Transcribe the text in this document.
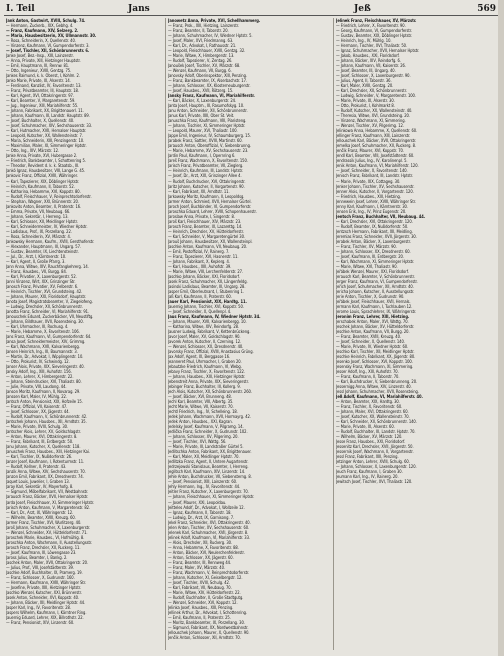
I. Teil	Jans	Jeß	569
Jank Anton, Gastwirt, XVIII, Schulg. 74.
— Hermann, Zuckerb., XIX, Gebhg. 4.
— Franz, Kaufmann, XIV, Selzerg. 2.
— Maria, Hausbesitzerin, XV, Ullmannstr. 30.
— Rosa, Schneiderin, X, Quellenstr. 40.
— Vinzenz, Kaufmann, VI, Gumpendorferstr. 3.
— Josef, Tischler, XII, Schönbrunnerstr. 6.
Janke Josef, Bez.-Insp., XIII, Lainzerstr.
— Anna, Private, XIII, Hietzinger Hauptstr.
— Emil, Hauptmann, III, Rennw. 81.
— Otto, Ingenieur, XVIII, Gentzg. 75.
Jankes Raimund, k. k. Oberst, I, Kohlm. 2.
Janko Marie, Private, IX, Alserstr. 14.
— Ferdinand, Kanzlist, IV, Favoritenstr. 13.
— Franz, Privatbeamter, III, Hauptstr. 18.
— Karl, Agent, XVI, Ottakringerstr. 97.
— Karl, Beamter, V, Margaretenstr. 59.
— Jug., Ingenieur, XIII, Mariahilferstr. 55.
— Johann, Fabrikant, XX, Brigittenauerl. 11.
— Johann, Kaufmann, III, Landstr. Hauptstr. 89.
— Josef, Buchhalter, X, Quellenstr. 40.
— Josef, Schuhmacher, XIV, Sechshauserstr. 33.
— Karl, Hutmacher, XVII, Hernalser Hauptstr.
— Leopold, Kutscher, XX, Wallensteinstr. 7.
— Maria, Schneiderin, XIII, Penzingerstr. 10.
— Maximilian, Maler, XI, Simmeringer Hptstr.
— Otto, Ing., XIV, Märzstr. 12.
Janke Anna, Private, XVI, Hubergasse 2.
— Friedrich, Bankbeamter, I, Schottenring 5.
— Theodor, Revident d. k. k. Staatsb., III.
Jankó Ignaz, Hausbesitzer, VIII, Lange G. 45.
Jankovic Franz, Offizial, XVIII, Währinger.
— Karl, Tapezierer, XIX, Döblinger Hptstr.
— Heinrich, Kaufmann, II, Taborstr. 52.
— Katharina, Hebamme, XVI, Koppstr. 80.
— Rudolf, Fleischhauer, V, Reinprechtsdorferstr.
— Stephan, Wagner, XXI, Brünnerstr. 20.
Jankovits Anton, Beamter, II, Praterstr. 16.
— Emma, Private, VII, Neubaug. 66.
— Johann, Sekretär, I, Herreng. 13.
— Karl, Schlosser, XII, Meidlinger Hptstr.
— Karl, Schneidermeister, IV, Wiedner Hptstr.
— Ladislaus, Prof., IX, Porzellang. 22.
— Rosa, Schneiderin, XV, Märzstr. 4.
Jankowsky Hermann, Kaufm., XVIII, Gersthoferstr.
— Alexander, Hauptmann, III, Ungarg. 57.
— Gustav, Beamter, IX, Liechtensteinstr.
— Jul., Dr., Arzt, I, Kärntnerstr. 10.
— Karl, Agent, II, Große Pfarrg. 3.
Jann Anna, Witwe, XIV, Rauchfangkehrerg. 14.
— Franz, Hausbes., VII, Burgg. 84.
— Karl, Privatier, X, Laxenburgerstr. 52.
Janni Vinzenz, Wirt, XIX, Grinzinger Str.
Janosch Franz, Privatier, XV, Felberstr. 6.
— Heinrich, Tischler, XVI, Grundsteing. 42.
— Johann, Maurer, XXI, Floridsdorf, Hauptstr.
Janota Josef, Magistratsbeamter, V, Ziegelofeng.
— Ludwig, Drechsler, XII, Schönbrunnerstr.
Janotta Franz, Schneider, VI, Mariahilferstr. 91.
Janouschek Eduard, Zuckerbäcker, VII, Neustiftg.
— Johann, Bildhauer, XVII, Rosensteing. 30.
— Karl, Uhrmacher, III, Rochusg. 4.
— Marie, Hebamme, X, Favoritenstr. 106.
Jans Franz, Kaufmann, VI, Gumpendorferstr. 64.
Jansa Josef, Schneidermeister, XIV, Grimmg.
— Karl, Wachmann, XVII, Kalvarienbergg.
Jansen Heinrich, Ing., III, Baumannstr. 3.
— Martin, Dr., Advokat, I, Wipplingerstr. 10.
— Otto, Prokurist, IV, Schwindg. 12.
Janser Alois, Private, XIX, Sieveringerstr. 40.
Jansky Adolf, Ing., XIII, Auhofstr. 156.
— Anton, Lehrer, X, Himbergerstr. 22.
— Johann, Steindrucker, XVI, Thaliastr. 80.
— Julie, Private, VIII, Laudong. 44.
Janson Moritz, Kaufmann, II, Novarag. 29.
Janssen Karl, Maler, IV, Mühlg. 22.
Jantsch Anton, Pensionist, XIX, Hofzeile 15.
— Franz, Offizial, VII, Kaiserstr. 47.
— Josef, Schlosser, XX, Jägerstr. 44.
— Rudolf, Kaufmann, V, Schönbrunnerstr. 42.
Jantschek Johann, Hausbes., XII, Arndtstr. 35.
— Marie, Private, XVIII, Schulg. 30.
Jantscher Alois, Lehrer, XV, Goldschlagstr.
— Anton, Maurer, XVI, Ottakringerstr. 8.
— Franz, Fabrikant, III, Erdbergstr. 50.
Janu Johann, Kutscher, X, Quellenstr. 118.
Januschek Franz, Hausbes., XIII, Hietzinger Kai.
— Karl, Tischler, IX, Nußdorferstr. 26.
Janzer Josef, Kaufmann, I, Rotenturmstr. 11.
— Rudolf, Kellner, II, Praterstr. 43.
Janzik Anna, Witwe, XIV, Sechshauserstr. 70.
Janzon Emil, Fabrikant, XX, Dresdnerstr. 74.
Jaquet Louis, Juwelier, I, Graben 13.
Jaray Karl, Sekretär, IV, Mayerhofg. 8.
— Sigmund, Möbelfabrikant, VII, Westbahnstr.
Jarausch Franz, Bäcker, XVII, Hernalser Hptstr.
Jarda Josef, Fleischhauer, XI, Simmeringer Hptstr.
Jarisch Anton, Kaufmann, V, Margaretenstr. 82.
— Karl, Dr., Arzt, IX, Währingerstr. 12.
— Wilhelm, Beamter, XVIII, Kreuzg. 60.
Jarmer Franz, Tischler, XVI, Wurlitzerg. 40.
Jaroš Johann, Schuhmacher, X, Laxenburgerstr.
— Wenzel, Schneider, XV, Hütteldorferstr. 71.
Jaroschek Marie, Hausbes., VI, Hofmühlg. 8.
Jaroschka Anton, Wachmann, II, Ausstellungsstr.
Jarosch Franz, Drechsler, XII, Ruckerg. 11.
— Josef, Kaufmann, III, Löwengasse 23.
Jaross Julius, Beamter, I, Bankg. 2.
Jaschek Anton, Maler, XVII, Ottakringerstr. 20.
— Julius, Prof., VIII, Josefstädterstr. 39.
Jaschke Adolf, Buchhalter, IX, Pramerg. 19.
— Franz, Schlosser, X, Gudrunstr. 160.
— Hermann, Kaufmann, XVIII, Währinger Str.
— Josefine, Private, XIII, Hietzinger Hptstr.
Jaschko Wenzel, Kutscher, XXI, Brünnerstr.
Jasek Anton, Schneider, XVI, Koppstr. 40.
— Johann, Bäcker, XII, Meidlinger Hptstr. 44.
Jasper Karl, Ing., IV, Favoritenstr. 28.
Jaspers Wilhelm, Kaufmann, I, Kärntner Ring.
Jauernig Eduard, Lehrer, XIX, Billrothstr. 22.
— Franz, Pensionist, XIV, Linzerstr. 60.
Janowetz Anna, Private, XVI, Schellhammerg.
— Franz, Prok., XIII, Hietzing, Lainzerstr.
— Franz, Beamter, II, Taborstr. 20.
— Johann, Schuhmacher, IV, Wiedner Hptstr. 5.
— Josef, Maler, XVI, Friedmanng. 63.
— Karl, Dr., Advokat, I, Rathausstr. 21.
— Leopold, Fleischhauer, XVIII, Gentzg. 32.
— Marie, Witwe, X, Himbergerstr. 13.
— Rudolf, Tapezierer, V, Zentag. 26.
Janoušek Josef, Tischler, XV, Märzstr. 68.
— Wenzel, Kaufmann, VII, Burgg. 6.
Janovsky Adolf, Oberinspektor, XIII, Penzing.
— Franz, Bankbeamter, IX, Alserbachstr. 17.
— Johann, Schlosser, XX, Klosterneuburgerstr.
— Josef, Hausbes., XVII, Rötzerg. 15.
Jansky Franz, Kaufmann, VI, Mariahilferstr.
— Karl, Bäcker, X, Laxenburgerstr. 24.
Janta Josef, Hauptm., III, Rasumofskyg. 10.
Janu Anton, Schneider, XII, Schönbrunnerstr.
Janus Karl, Private, XIII, Ober St. Veit.
Januschka Franz, Kaufmann, VIII, Piaristeng.
— Johann, Tischler, XI, Simmeringer Hptstr.
— Leopold, Maurer, XVI, Thaliastr. 100.
Jappe Emil, Ingenieur, IV, Schaumburgerg. 15.
Jarabek Franz, Sattler, XVIII, Martinstr. 60.
Jarausch Anton, Oberoffizial, V, Siebenbrunng.
— Marie, Hebamme, XV, Sechshauserstr. 23.
Jardin Paul, Kaufmann, I, Opernring 6.
Jareš Franz, Wachmann, X, Favoritenstr. 150.
Jarisch Franz, Privatbeamter, VII, Zieglerg.
— Heinrich, Kaufmann, III, Landstr. Hptstr.
— Josef, Dr., Arzt, XIX, Grinzinger Allee 4.
— Rudolf, Buchdrucker, XVI, Ottakringerstr.
Jaritz Johann, Kutscher, II, Vorgartenstr. 90.
— Karl, Fabrikant, XII, Arndtstr. 11.
Jarkowsky Moritz, Kaufmann, II, Leopoldsg.
Jarmer Anton, Schmied, XVII, Hernalser Gürtel.
Jaroch Josef, Buchbinder, VI, Gumpendorferstr.
Jaroschka Eduard, Lehrer, XVIII, Schopenhauerstr.
Jaroslaw Anna, Private, I, Singerstr. 8.
Jaroš Karl, Fleischhauer, XIV, Märzstr. 23.
Jarosch Franz, Beamter, IX, Lazarettg. 14.
— Heinrich, Drechsler, XV, Hütteldorferstr.
— Karl, Schneider, V, Margaretengürtel 30.
Jarouš Johann, Hausbesitzer, XX, Wallensteinpl.
Jaschke Anton, Kaufmann, VII, Neubaug. 20.
— Emil, Postoffizial, IV, Rainerg. 7.
— Franz, Tapezierer, XVI, Hasnerstr. 11.
— Johann, Fabrikant, X, Keplerg. 4.
— Karl, Hausbes., XIII, Auhofstr. 39.
— Marie, Witwe, VIII, Lerchenfelderstr. 27.
Jaschko Johann, Bäcker, XXI, Floridsdorf.
Jasek Franz, Schuhmacher, XII, Längenfeldg.
Jasinski Ladislaus, Beamter, III, Ungarg. 28.
Jasper Emil, Oberleutnant, I, Stubenring 1.
Jaß Karl, Kaufmann, II, Praterstr. 60.
Jauer Karl, Pensionist, XIX, Hardtg. 11.
Jauernig Johann, Tischler, XVI, Koppstr. 50.
— Josef, Schneider, X, Quellenpl. 4.
Jaus Franz, Kaufmann, IV, Wiedner Hptstr. 34.
— Johann, Maurer, XVII, Kalvarienbergg. 10.
— Katharina, Witwe, XIV, Reindorfg. 28.
Jausner Ludwig, Fabrikant, V, Kettenbrückeng.
Javor Josef, Maler, XV, Goldschlagstr. 90.
Javorek Anton, Kutscher, II, Czerning. 12.
— Wenzel, Schlosser, XX, Dresdnerstr. 40.
Javorsky Franz, Offizial, XVIII, Anastasius Grüng.
Jax Adolf, Agent, IX, Berggasse 16.
Jeanneret Paul, Uhrmacher, I, Graben 20.
Jebautzke Friedrich, Kaufmann, VI, Webg.
Jebavy Franz, Tischler, X, Favoritenstr. 122.
— Johann, Hausbes., XIII, Hietzinger Hptstr.
Jebenstreit Anna, Private, XIX, Sieveringerstr.
Jebinger Franz, Buchhalter, III, Kollerg. 9.
Jech Alois, Kutscher, XII, Schönbrunnerstr. 260.
— Josef, Bäcker, XVI, Brunneng. 48.
Jechl Karl, Beamter, VIII, Albertg. 35.
Jecht Marie, Witwe, VII, Kaiserstr. 70.
Jechtl Friedrich, Ing., IV, Schelleing. 18.
Jedek Johann, Wachmann, XVII, Hormayrg. 42.
Jedek Anton, Hausbes., XXI, Kagran.
Jedelsky Josef, Kaufmann, V, Pilgramg. 14.
Jedlička Franz, Schneider, X, Gudrunstr. 102.
— Johann, Schlosser, XV, Pilgerimg. 20.
— Josef, Tischler, XVI, Wattg. 56.
— Marie, Private, III, Landstraßer Gürtel 5.
Jedlitschka Anton, Fabrikant, XX, Brigittenauer.
— Karl, Maler, XII, Meidlinger Hptstr. 70.
Jedlitzka Franz, Agent, II, Untere Augartenstr.
Jedrzejowski Stanislaus, Beamter, I, Herreng.
Jeglitsch Karl, Kaufmann, XIV, Linzerstr. 14.
Jehle Anton, Buchdrucker, VII, Siebensterng. 8.
— Josef, Pensionist, XIII, Lainzerstr. 60.
Jehly Hermann, Ing., IV, Favoritenstr. 44.
Jeitler Franz, Kutscher, X, Laxenburgerstr. 70.
— Johann, Fleischhauer, XI, Simmeringer Hptstr.
— Josef, Maurer, XXI, Leopoldau.
Jeitteles Adolf, Dr., Advokat, I, Wollzeile 12.
— Ignaz, Kaufmann, II, Taborstr. 18.
— Ludwig, Dr., Arzt, IX, Garnisong. 7.
Jekel Franz, Schneider, XVI, Ottakringerstr. 40.
Jelen Anton, Tischler, XV, Sechshauserstr. 60.
Jelenek Karl, Schuhmacher, XVII, Jörgerstr. 8.
Jelinek Adolf, Kaufmann, VI, Mariahilferstr. 33.
— Alois, Drechsler, XII, Ruckerg. 30.
— Anna, Hebamme, X, Favoritenstr. 88.
— Anton, Bäcker, XVI, Neulerchenfelderstr.
— Anton, Schlosser, XX, Jägerstr. 60.
— Franz, Beamter, III, Rennweg 44.
— Franz, Maler, XV, Märzstr. 40.
— Franz, Wachmann, V, Reinprechtsdorferstr.
— Johann, Kutscher, XI, Geiselbergstr. 12.
— Josef, Tischler, XVIII, Schulg. 42.
— Karl, Fabrikant, VII, Neubaug. 70.
— Marie, Witwe, XIV, Hütteldorferstr. 22.
— Rudolf, Buchhalter, II, Große Stadtgutg.
— Wenzel, Schneider, XVI, Koppstr. 12.
Jelinka Josef, Hausbes., XIII, Penzing.
Jellinek Arthur, Dr., Advokat, I, Schottenring.
— Emil, Kaufmann, II, Praterstr. 25.
— Moritz, Bankbeamter, IX, Porzellang. 30.
— Sigmund, Fabrikant, XX, Nordwestbahnstr.
Jellouschek Johann, Maurer, X, Quellenstr. 90.
Jenčik Anton, Schlosser, XII, Arndtstr. 70.
Jelinek Franz, Fleischhauer, XV, Märzstr.
— Friedrich, Lehrer, X, Favoritenstr. 90.
— Georg, Kaufmann, VI, Gumpendorferstr.
— Gustav, Beamter, XIX, Döblinger Hptstr.
— Heinrich, Ing., IV, Mühlg. 10.
— Hermann, Tischler, XVI, Thaliastr. 50.
— Ignaz, Schuhmacher, XVII, Hernalser Hptstr.
— Jakob, Hausbes., XXI, Floridsdorf.
— Johann, Bäcker, XIV, Reindorfg. 6.
— Johann, Kaufmann, VII, Kaiserstr. 26.
— Josef, Beamter, III, Ungarg. 40.
— Josef, Schlosser, X, Laxenburgerstr. 90.
— Julius, Agent, II, Taborstr. 36.
— Karl, Maler, XVIII, Gentzg. 20.
— Karl, Drechsler, XII, Schönbrunnerstr.
— Ludwig, Schneider, V, Margaretenstr. 100.
— Marie, Private, IX, Alserstr. 30.
— Otto, Prokurist, I, Kohlmarkt 8.
— Rudolf, Kutscher, XX, Wallensteinstr. 40.
— Theresia, Witwe, XVI, Grundsteing. 20.
— Vinzenz, Wachmann, XI, Simmering.
— Wenzel, Tischler, XV, Pilgerimg. 12.
Jelinkowa Anna, Hebamme, X, Quellenstr. 60.
Jellinger Franz, Kaufmann, XIII, Lainzerstr.
Jellouschek Karl, Bäcker, XVII, Ottakringerstr.
Jemelka Josef, Schuhmacher, XII, Ruckerg. 8.
Jenčik Franz, Maurer, XVI, Koppstr. 70.
Jendl Karl, Beamter, VIII, Josefstädterstr. 60.
Jendrassik Julius, Ing., IV, Karolinenpl. 5.
Jenik Anton, Kaufmann, VI, Mariahilferstr. 120.
— Josef, Schneider, X, Favoritenstr. 140.
Jenisch Franz, Fabrikant, III, Landstr. Hptstr.
— Marie, Private, XIX, Cottageg. 30.
Jenker Johann, Tischler, XV, Sechshauserstr.
Jenner Alois, Kutscher, II, Vorgartenstr. 120.
— Friedrich, Hausbes., XIII, Hietzing.
Jennewein Josef, Lehrer, XVIII, Währinger Str.
Jenny Karl, Kaufmann, I, Kärntnerstr. 30.
Jensen Erik, Ing., IV, Prinz Eugenstr. 20.
Jentsch Franz, Buchhalter, VII, Neubaug. 44.
— Karl, Drechsler, XVI, Ottakringerstr. 120.
— Rudolf, Beamter, IX, Nußdorferstr. 50.
Jentzsch Hermann, Fabrikant, XII, Meidling.
Jeremias Franz, Schneider, XVII, Jörgerstr. 30.
Jerabek Anton, Bäcker, X, Laxenburgerstr.
— Franz, Tischler, XV, Märzstr. 90.
— Johann, Schlosser, XX, Dresdnerstr. 60.
— Josef, Kaufmann, III, Erdbergstr. 20.
— Karl, Wachmann, XI, Simmeringer Hptstr.
— Marie, Witwe, XVI, Thaliastr. 90.
Jeřábek Wenzel, Maurer, XXI, Floridsdorf.
Jerausch Karl, Beamter, V, Schönbrunnerstr.
Jerger Franz, Kaufmann, VI, Gumpendorferstr.
Jeřich Josef, Schuhmacher, XII, Arndtstr. 40.
Jericha Johann, Kutscher, II, Ausstellungsstr.
Jerie Anton, Tischler, X, Gudrunstr. 90.
Jeřábek Josef, Fleischhauer, XVII, Hernals.
Jermann Karl, Kaufmann, I, Tuchlauben 12.
Jerome Louis, Sprachlehrer, IX, Währingerstr.
Jeronim Franz, Lehrer, XIII, Hietzing.
Jerschabek Anton, Maler, XVI, Wattg. 70.
Jeschek Johann, Bäcker, XV, Hütteldorferstr.
Jeschke Anton, Kaufmann, VII, Burgg. 20.
— Franz, Beamter, XVIII, Kreuzg. 40.
— Josef, Schneider, X, Quellenstr. 140.
— Marie, Private, IV, Wiedner Hptstr. 60.
Jeschko Karl, Tischler, XII, Meidlinger Hptstr.
Jeschke Heinrich, Fabrikant, XX, Jägerstr. 80.
Jesenko Josef, Schlosser, XVI, Koppstr. 100.
Jesensky Franz, Wachmann, XI, Simmering.
Jesser Adolf, Ing., XIII, Auhofstr. 70.
— Franz, Kaufmann, II, Taborstr. 70.
— Karl, Buchdrucker, V, Siebenbrunneng. 20.
Jessernigg Anna, Witwe, XIV, Linzerstr. 40.
Jessl Johann, Schuhmacher, XVII, Rosensteing.
Jeß Adolf, Kaufmann, VI, Mariahilferstr. 40.
— Anton, Beamter, XIX, Hardtg. 30.
— Franz, Tischler, X, Favoritenstr. 60.
— Johann, Maler, XVI, Ottakringerstr. 60.
— Josef, Kutscher, XX, Wallensteinstr. 70.
— Karl, Schneider, XII, Schönbrunnerstr. 140.
— Marie, Private, IX, Alserstr. 60.
— Rudolf, Buchhalter, III, Landstr. Hptstr. 70.
— Wilhelm, Bäcker, XV, Märzstr. 120.
Jesse Franz, Hausbes., XXI, Floridsdorf.
Jessenitz Karl, Drechsler, XVII, Jörgerstr. 50.
Jessernik Josef, Wachmann, II, Vorgartenstr.
Jessl Franz, Fabrikant, XIII, Penzing.
Jetzinger Anton, Lehrer, XVIII, Schulg. 60.
— Johann, Schlosser, X, Laxenburgerstr. 120.
Jeuch Franz, Kaufmann, I, Graben 30.
Jeumann Karl, Ing., IV, Rainerg. 20.
Jewitsch Josef, Tischler, XVI, Thaliastr. 120.
